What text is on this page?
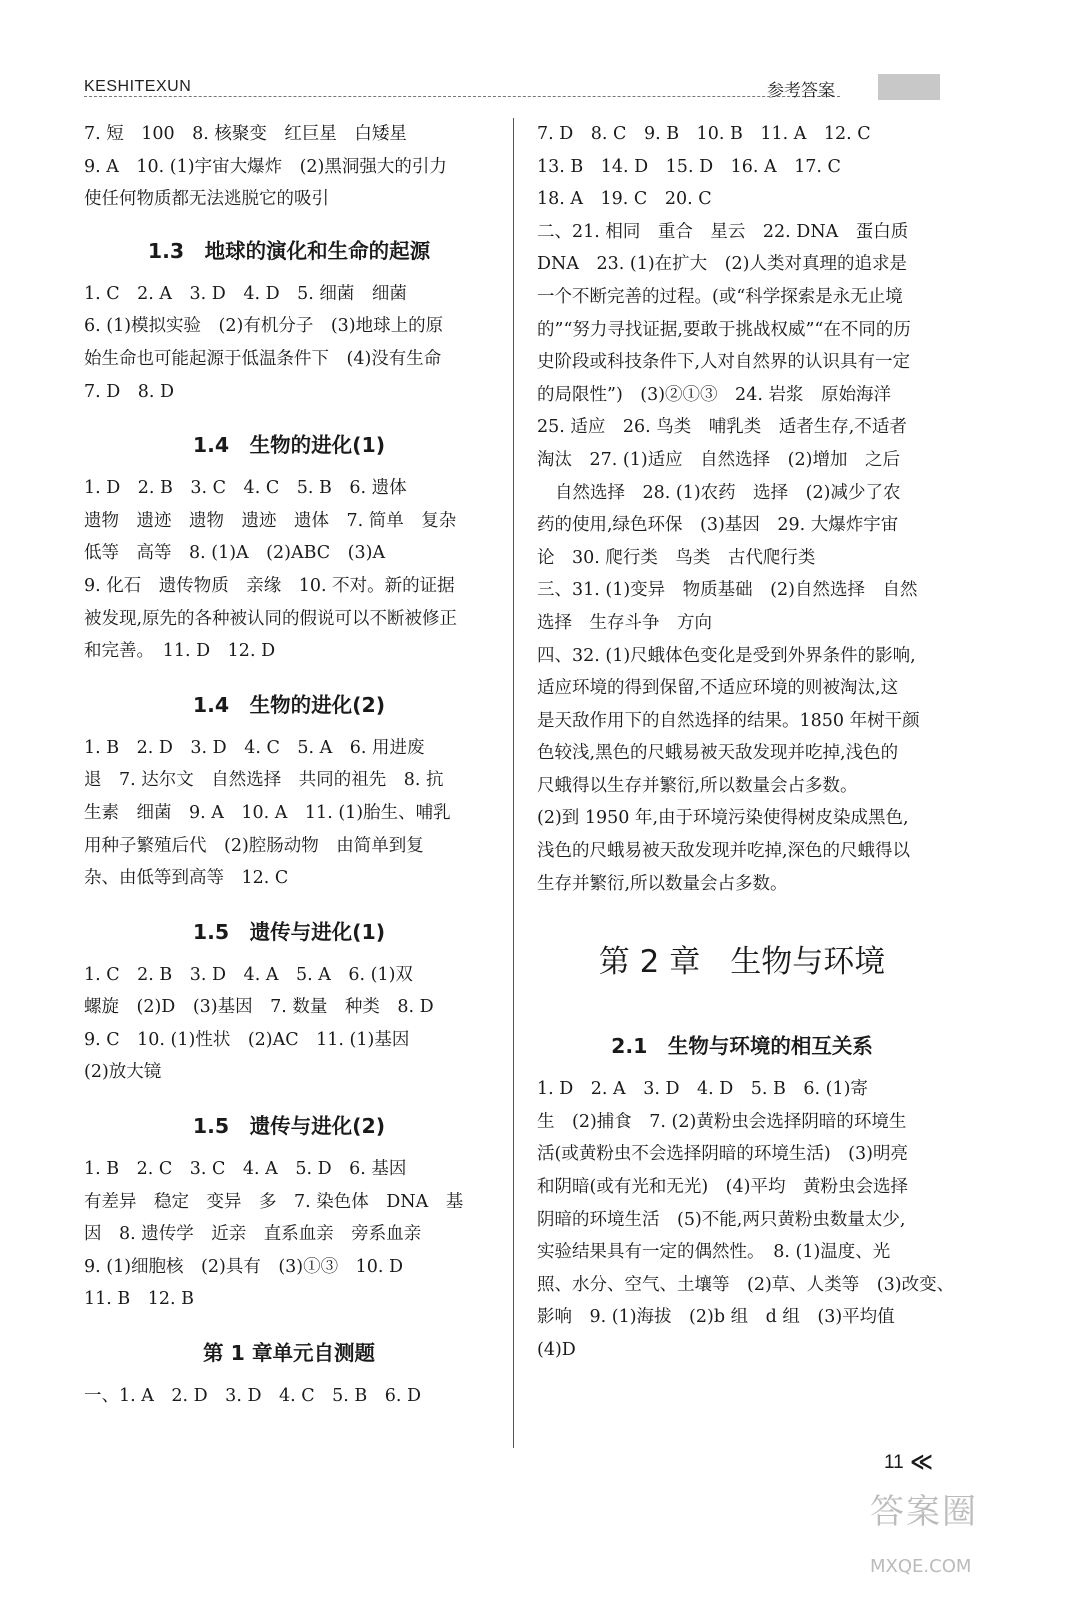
KESHITEXUN	参考答案
7. 短　100　8. 核聚变　红巨星　白矮星
9. A　10. (1)宇宙大爆炸　(2)黑洞强大的引力
使任何物质都无法逃脱它的吸引
1.3　地球的演化和生命的起源
1. C　2. A　3. D　4. D　5. 细菌　细菌
6. (1)模拟实验　(2)有机分子　(3)地球上的原
始生命也可能起源于低温条件下　(4)没有生命
7. D　8. D
1.4　生物的进化(1)
1. D　2. B　3. C　4. C　5. B　6. 遗体
遗物　遗迹　遗物　遗迹　遗体　7. 简单　复杂
低等　高等　8. (1)A　(2)ABC　(3)A
9. 化石　遗传物质　亲缘　10. 不对。新的证据
被发现,原先的各种被认同的假说可以不断被修正
和完善。　11. D　12. D
1.4　生物的进化(2)
1. B　2. D　3. D　4. C　5. A　6. 用进废
退　7. 达尔文　自然选择　共同的祖先　8. 抗
生素　细菌　9. A　10. A　11. (1)胎生、哺乳
用种子繁殖后代　(2)腔肠动物　由简单到复
杂、由低等到高等　12. C
1.5　遗传与进化(1)
1. C　2. B　3. D　4. A　5. A　6. (1)双
螺旋　(2)D　(3)基因　7. 数量　种类　8. D
9. C　10. (1)性状　(2)AC　11. (1)基因
(2)放大镜
1.5　遗传与进化(2)
1. B　2. C　3. C　4. A　5. D　6. 基因
有差异　稳定　变异　多　7. 染色体　DNA　基
因　8. 遗传学　近亲　直系血亲　旁系血亲
9. (1)细胞核　(2)具有　(3)①③　10. D
11. B　12. B
第 1 章单元自测题
一、1. A　2. D　3. D　4. C　5. B　6. D
7. D　8. C　9. B　10. B　11. A　12. C
13. B　14. D　15. D　16. A　17. C
18. A　19. C　20. C
二、21. 相同　重合　星云　22. DNA　蛋白质
DNA　23. (1)在扩大　(2)人类对真理的追求是
一个不断完善的过程。(或“科学探索是永无止境
的”“努力寻找证据,要敢于挑战权威”“在不同的历
史阶段或科技条件下,人对自然界的认识具有一定
的局限性”)　(3)②①③　24. 岩浆　原始海洋
25. 适应　26. 鸟类　哺乳类　适者生存,不适者
淘汰　27. (1)适应　自然选择　(2)增加　之后
自然选择　28. (1)农药　选择　(2)减少了农
药的使用,绿色环保　(3)基因　29. 大爆炸宇宙
论　30. 爬行类　鸟类　古代爬行类
三、31. (1)变异　物质基础　(2)自然选择　自然
选择　生存斗争　方向
四、32. (1)尺蛾体色变化是受到外界条件的影响,
适应环境的得到保留,不适应环境的则被淘汰,这
是天敌作用下的自然选择的结果。1850 年树干颜
色较浅,黑色的尺蛾易被天敌发现并吃掉,浅色的
尺蛾得以生存并繁衍,所以数量会占多数。
(2)到 1950 年,由于环境污染使得树皮染成黑色,
浅色的尺蛾易被天敌发现并吃掉,深色的尺蛾得以
生存并繁衍,所以数量会占多数。
第 2 章 生物与环境
2.1　生物与环境的相互关系
1. D　2. A　3. D　4. D　5. B　6. (1)寄
生　(2)捕食　7. (2)黄粉虫会选择阴暗的环境生
活(或黄粉虫不会选择阴暗的环境生活)　(3)明亮
和阴暗(或有光和无光)　(4)平均　黄粉虫会选择
阴暗的环境生活　(5)不能,两只黄粉虫数量太少,
实验结果具有一定的偶然性。　8. (1)温度、光
照、水分、空气、土壤等　(2)草、人类等　(3)改变、
影响　9. (1)海拔　(2)b 组　d 组　(3)平均值
(4)D
11 ≪
答案圈
MXQE.COM
